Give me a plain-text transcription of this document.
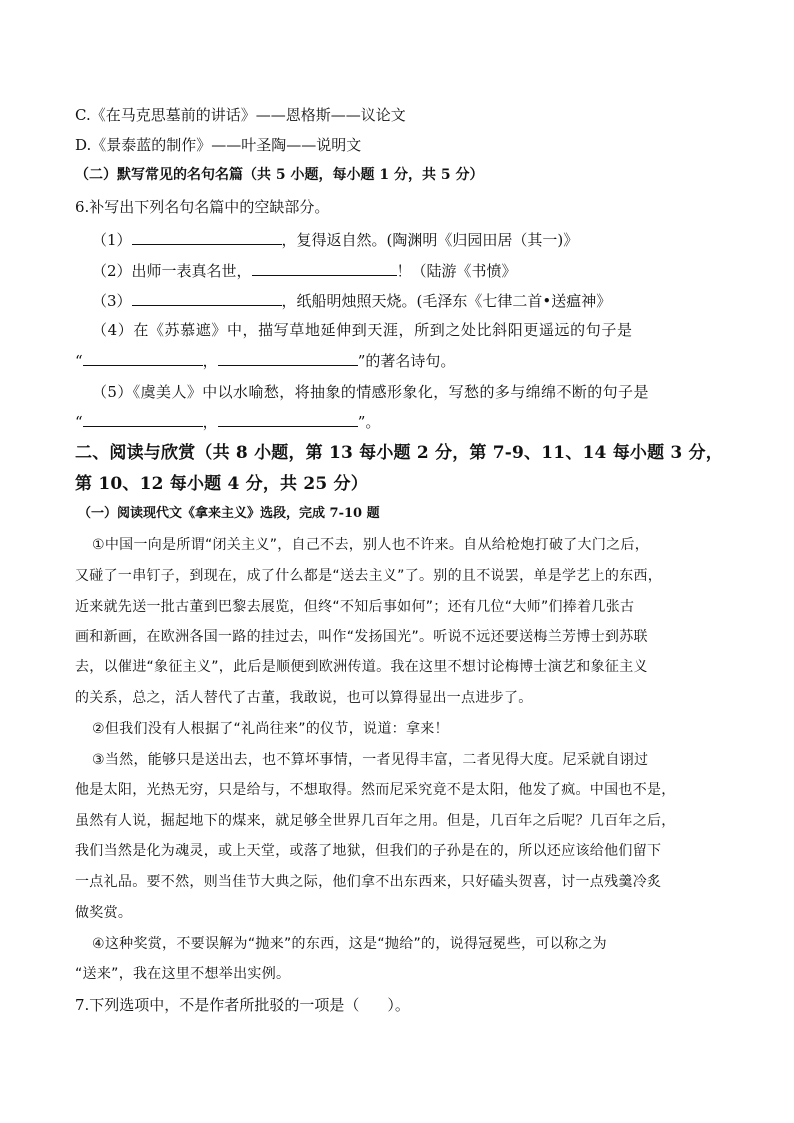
C.《在马克思墓前的讲话》——恩格斯——议论文
D.《景泰蓝的制作》——叶圣陶——说明文
（二）默写常见的名句名篇（共 5 小题，每小题 1 分，共 5 分）
6.补写出下列名句名篇中的空缺部分。
（1）	，复得返自然。(陶渊明《归园田居（其一)》
（2）出师一表真名世，	！（陆游《书愤》
（3）	，纸船明烛照天烧。(毛泽东《七律二首•送瘟神》
（4）在《苏慕遮》中，描写草地延伸到天涯，所到之处比斜阳更遥远的句子是
“	，	”的著名诗句。
（5）《虞美人》中以水喻愁，将抽象的情感形象化，写愁的多与绵绵不断的句子是
“	，	”。
二、阅读与欣赏（共 8 小题，第 13 每小题 2 分，第 7-9、11、14 每小题 3 分，
第 10、12 每小题 4 分，共 25 分）
（一）阅读现代文《拿来主义》选段，完成 7-10 题
①中国一向是所谓“闭关主义”，自己不去，别人也不许来。自从给枪炮打破了大门之后，
又碰了一串钉子，到现在，成了什么都是“送去主义”了。别的且不说罢，单是学艺上的东西，
近来就先送一批古董到巴黎去展览，但终“不知后事如何”；还有几位“大师”们捧着几张古
画和新画，在欧洲各国一路的挂过去，叫作“发扬国光”。听说不远还要送梅兰芳博士到苏联
去，以催进“象征主义”，此后是顺便到欧洲传道。我在这里不想讨论梅博士演艺和象征主义
的关系，总之，活人替代了古董，我敢说，也可以算得显出一点进步了。
②但我们没有人根据了“礼尚往来”的仪节，说道：拿来！
③当然，能够只是送出去，也不算坏事情，一者见得丰富，二者见得大度。尼采就自诩过
他是太阳，光热无穷，只是给与，不想取得。然而尼采究竟不是太阳，他发了疯。中国也不是，
虽然有人说，掘起地下的煤来，就足够全世界几百年之用。但是，几百年之后呢？几百年之后，
我们当然是化为魂灵，或上天堂，或落了地狱，但我们的子孙是在的，所以还应该给他们留下
一点礼品。要不然，则当佳节大典之际，他们拿不出东西来，只好磕头贺喜，讨一点残羹冷炙
做奖赏。
④这种奖赏，不要误解为“抛来”的东西，这是“抛给”的，说得冠冕些，可以称之为
“送来”，我在这里不想举出实例。
7.下列选项中，不是作者所批驳的一项是（ ）。
